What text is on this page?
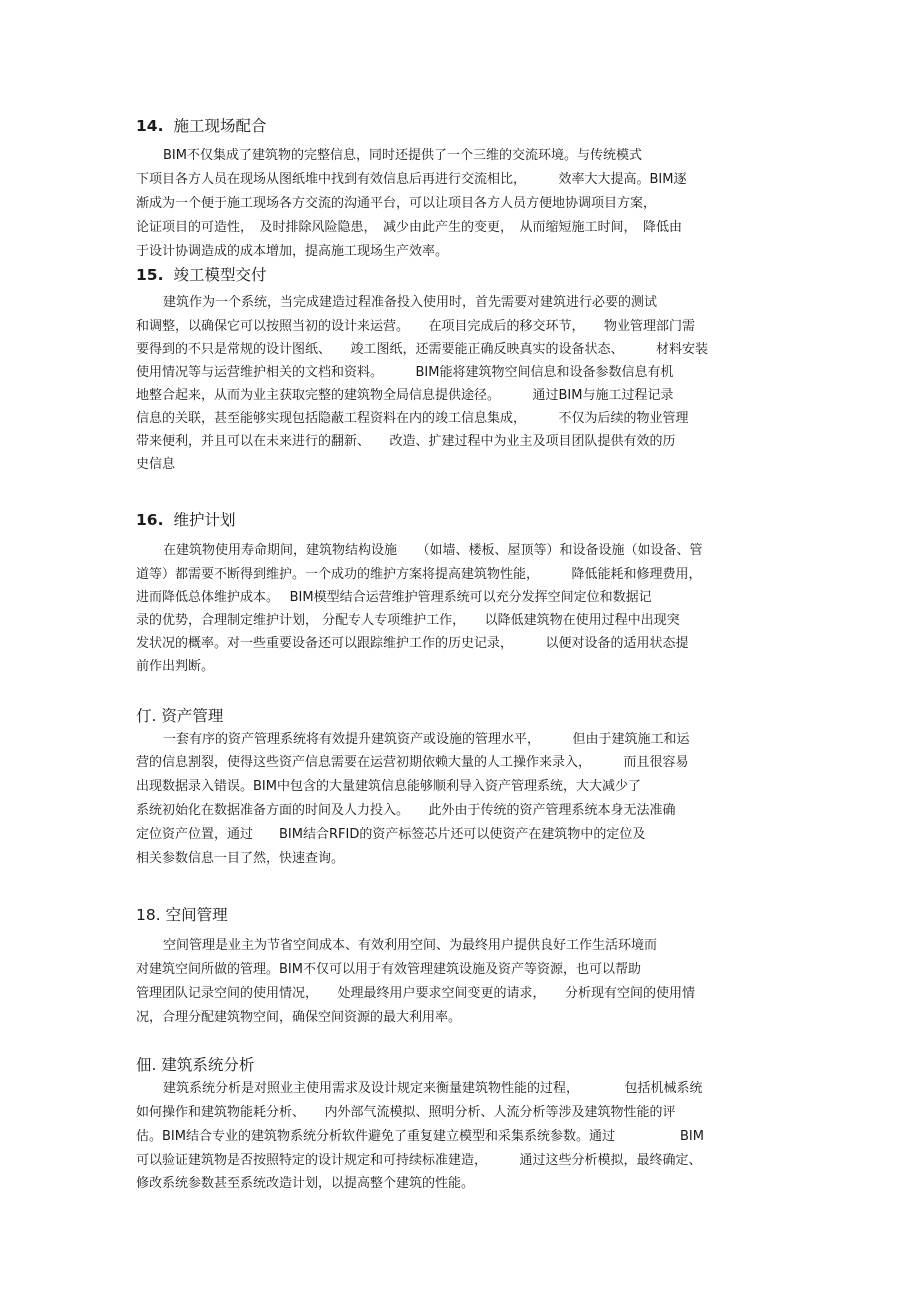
14. 施工现场配合
BIM不仅集成了建筑物的完整信息，同时还提供了一个三维的交流环境。与传统模式
下项目各方人员在现场从图纸堆中找到有效信息后再进行交流相比，　　　效率大大提高。BIM逐
渐成为一个便于施工现场各方交流的沟通平台，可以让项目各方人员方便地协调项目方案，
论证项目的可造性，　及时排除风险隐患，　减少由此产生的变更，　从而缩短施工时间，　降低由
于设计协调造成的成本增加，提高施工现场生产效率。
15. 竣工模型交付
建筑作为一个系统，当完成建造过程准备投入使用时，首先需要对建筑进行必要的测试
和调整，以确保它可以按照当初的设计来运营。　　在项目完成后的移交环节，　　物业管理部门需
要得到的不只是常规的设计图纸、　　竣工图纸，还需要能正确反映真实的设备状态、　　　材料安装
使用情况等与运营维护相关的文档和资料。　　　BIM能将建筑物空间信息和设备参数信息有机
地整合起来，从而为业主获取完整的建筑物全局信息提供途径。　　　通过BIM与施工过程记录
信息的关联，甚至能够实现包括隐蔽工程资料在内的竣工信息集成，　　　不仅为后续的物业管理
带来便利，并且可以在未来进行的翻新、　　改造、扩建过程中为业主及项目团队提供有效的历
史信息
16. 维护计划
在建筑物使用寿命期间，建筑物结构设施　　（如墙、楼板、屋顶等）和设备设施（如设备、管
道等）都需要不断得到维护。一个成功的维护方案将提高建筑物性能，　　　降低能耗和修理费用，
进而降低总体维护成本。　 BIM模型结合运营维护管理系统可以充分发挥空间定位和数据记
录的优势，合理制定维护计划， 分配专人专项维护工作，　　以降低建筑物在使用过程中出现突
发状况的概率。对一些重要设备还可以跟踪维护工作的历史记录，　　　以便对设备的适用状态提
前作出判断。
仃. 资产管理
一套有序的资产管理系统将有效提升建筑资产或设施的管理水平，　　　但由于建筑施工和运
营的信息割裂，使得这些资产信息需要在运营初期依赖大量的人工操作来录入，　　　而且很容易
出现数据录入错误。BIM中包含的大量建筑信息能够顺利导入资产管理系统，大大减少了
系统初始化在数据准备方面的时间及人力投入。　　此外由于传统的资产管理系统本身无法准确
定位资产位置，通过　　BIM结合RFID的资产标签芯片还可以使资产在建筑物中的定位及
相关参数信息一目了然，快速查询。
18. 空间管理
空间管理是业主为节省空间成本、有效利用空间、为最终用户提供良好工作生活环境而
对建筑空间所做的管理。BIM不仅可以用于有效管理建筑设施及资产等资源，也可以帮助
管理团队记录空间的使用情况，　　处理最终用户要求空间变更的请求，　　分析现有空间的使用情
况，合理分配建筑物空间，确保空间资源的最大利用率。
佃. 建筑系统分析
建筑系统分析是对照业主使用需求及设计规定来衡量建筑物性能的过程，　　　　包括机械系统
如何操作和建筑物能耗分析、　　内外部气流模拟、照明分析、人流分析等涉及建筑物性能的评
估。BIM结合专业的建筑物系统分析软件避免了重复建立模型和采集系统参数。通过　　　　　BIM
可以验证建筑物是否按照特定的设计规定和可持续标准建造，　　　通过这些分析模拟，最终确定、
修改系统参数甚至系统改造计划，以提高整个建筑的性能。
